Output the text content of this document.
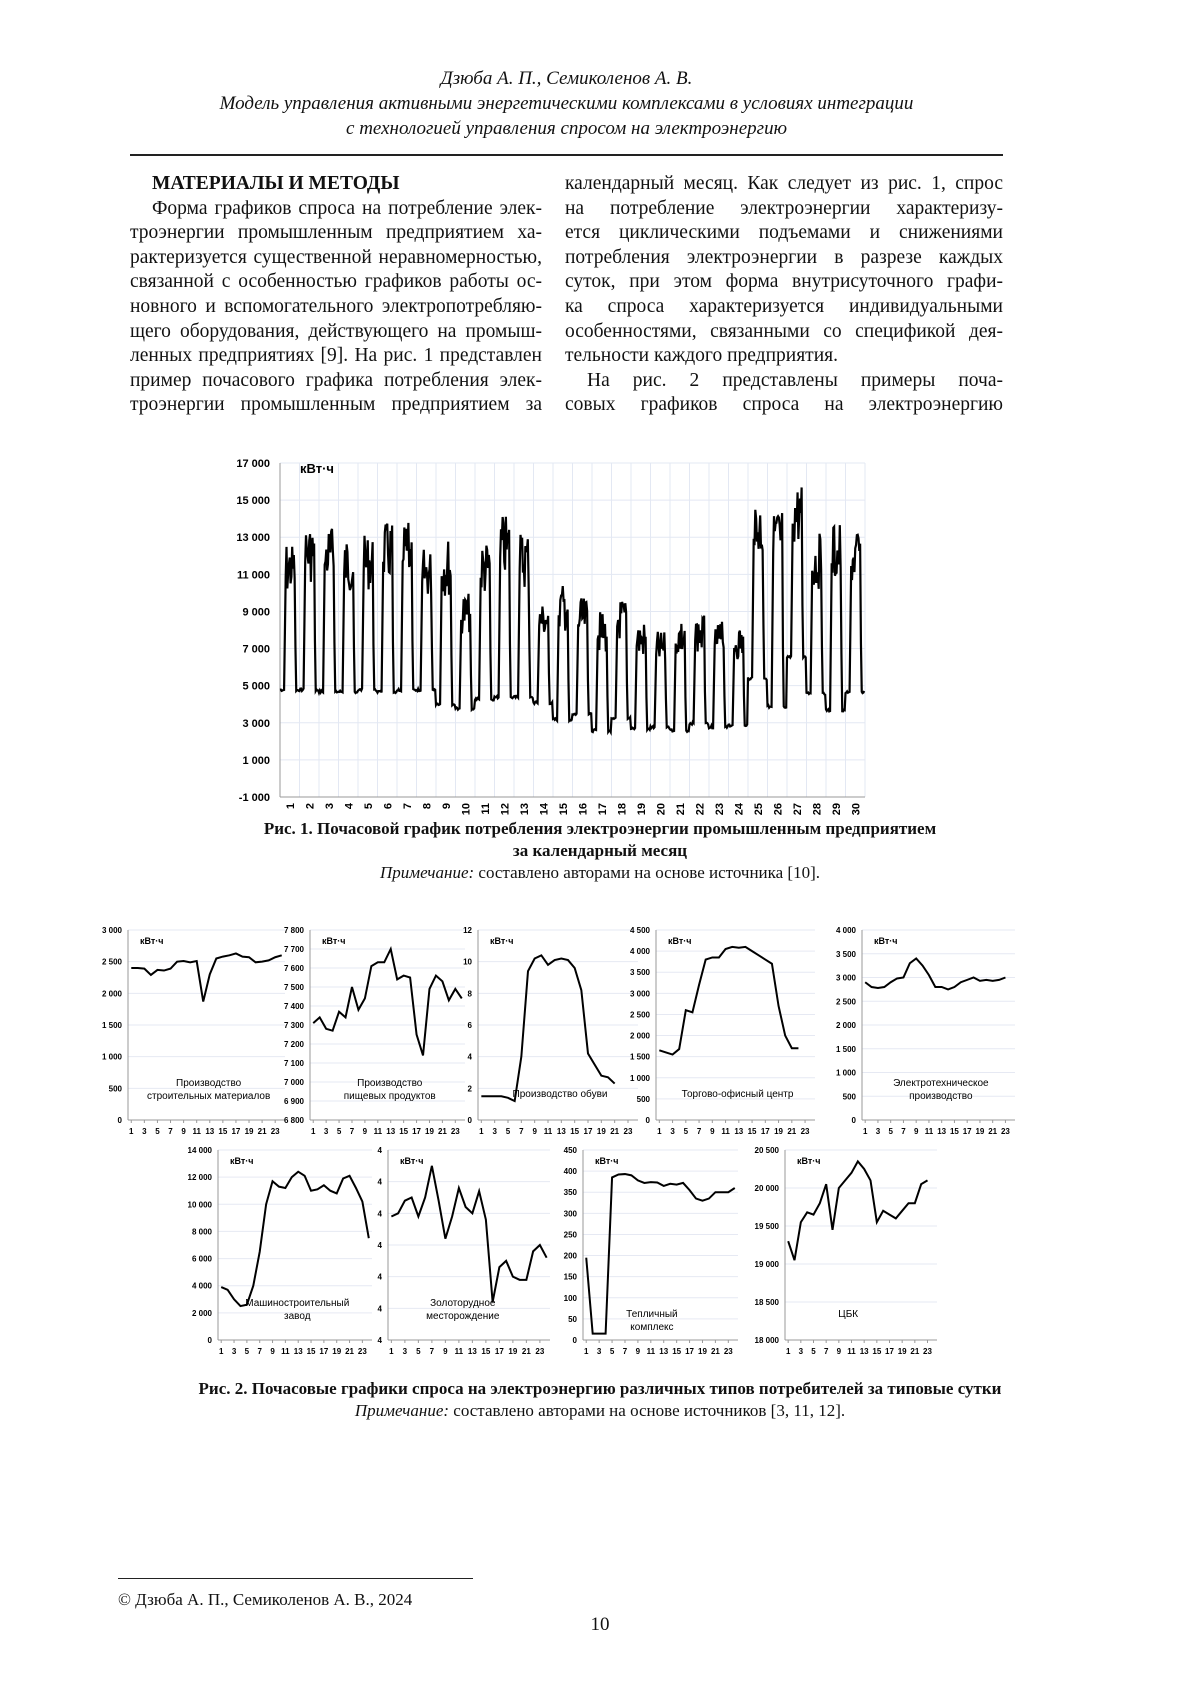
Дзюба А. П., Семиколенов А. В.
Модель управления активными энергетическими комплексами в условиях интеграции
с технологией управления спросом на электроэнергию
МАТЕРИАЛЫ И МЕТОДЫ
Форма графиков спроса на потребление элек-
троэнергии промышленным предприятием ха-
рактеризуется существенной неравномерностью,
связанной с особенностью графиков работы ос-
новного и вспомогательного электропотребляю-
щего оборудования, действующего на промыш-
ленных предприятиях [9]. На рис. 1 представлен
пример почасового графика потребления элек-
троэнергии промышленным предприятием за
календарный месяц. Как следует из рис. 1, спрос
на потребление электроэнергии характеризу-
ется циклическими подъемами и снижениями
потребления электроэнергии в разрезе каждых
суток, при этом форма внутрисуточного графи-
ка спроса характеризуется индивидуальными
особенностями, связанными со спецификой дея-
тельности каждого предприятия.
На рис. 2 представлены примеры поча-
совых графиков спроса на электроэнергию
-1 000
1 000
3 000
5 000
7 000
9 000
11 000
13 000
15 000
17 000 кВт·ч
1 2 3 4 5 6 7 8 9 10 11 12 13 14 15 16 17 18 19 20 21 22 23 24 25 26 27 28 29 30
Рис. 1. Почасовой график потребления электроэнергии промышленным предприятием
за календарный месяц
Примечание: составлено авторами на основе источника [10].
0
500
1 000
1 500
2 000
2 500
3 000
1 3 5 7 9 11 13 15 17 19 21 23
кВт·ч
Производство
строительных материалов
6 800
6 900
7 000
7 100
7 200
7 300
7 400
7 500
7 600
7 700
7 800
1 3 5 7 9 11 13 15 17 19 21 23
кВт·ч
Производство
пищевых продуктов
0
2
4
6
8
10
12
1 3 5 7 9 11 13 15 17 19 21 23
кВт·ч
Производство обуви
0
500
1 000
1 500
2 000
2 500
3 000
3 500
4 000
4 500
1 3 5 7 9 11 13 15 17 19 21 23
кВт·ч
Торгово-офисный центр
0
500
1 000
1 500
2 000
2 500
3 000
3 500
4 000
1 3 5 7 9 11 13 15 17 19 21 23
кВт·ч
Электротехническое
производство
0
2 000
4 000
6 000
8 000
10 000
12 000
14 000
1 3 5 7 9 11 13 15 17 19 21 23
кВт·ч
Машиностроительный
завод
4
4
4
4
4
4
4
1 3 5 7 9 11 13 15 17 19 21 23
кВт·ч
Золоторудное
месторождение
0
50
100
150
200
250
300
350
400
450
1 3 5 7 9 11 13 15 17 19 21 23
кВт·ч
Тепличный
комплекс
18 000
18 500
19 000
19 500
20 000
20 500
1 3 5 7 9 11 13 15 17 19 21 23
кВт·ч
ЦБК
Рис. 2. Почасовые графики спроса на электроэнергию различных типов потребителей за типовые сутки
Примечание: составлено авторами на основе источников [3, 11, 12].
© Дзюба А. П., Семиколенов А. В., 2024
10
